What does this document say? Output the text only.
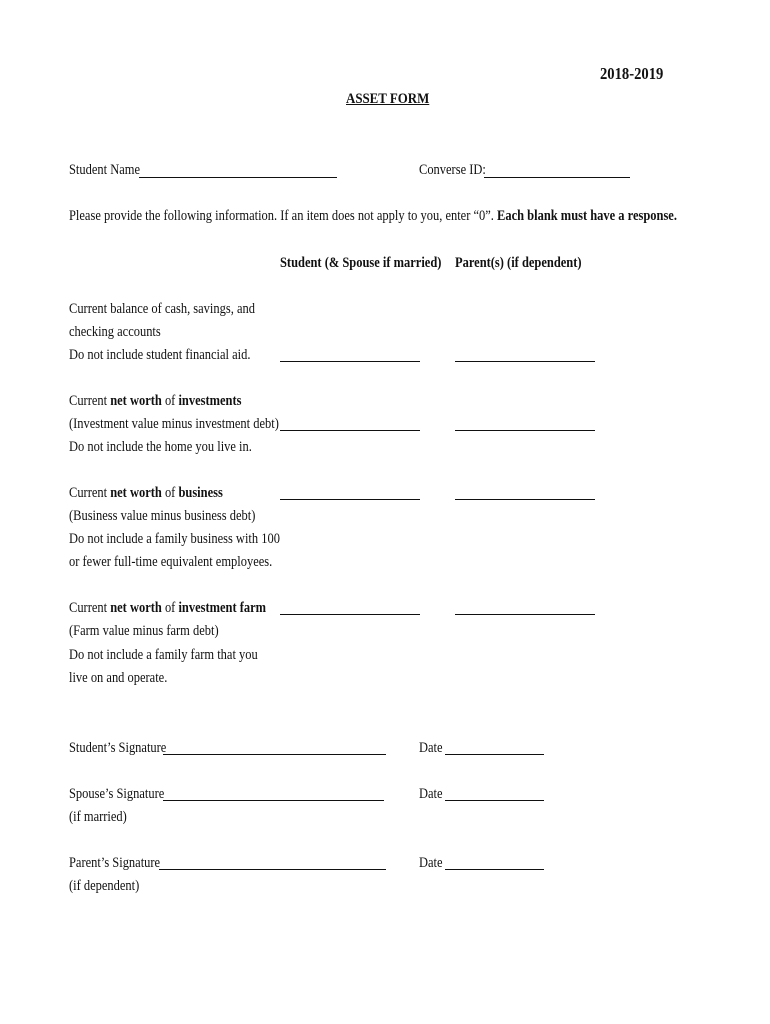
2018-2019
ASSET FORM
Student Name	Converse ID:
Please provide the following information. If an item does not apply to you, enter “0”. Each blank must have a response.
Student (& Spouse if married) Parent(s) (if dependent)
Current balance of cash, savings, and
checking accounts
Do not include student financial aid.
Current net worth of investments
(Investment value minus investment debt)
Do not include the home you live in.
Current net worth of business
(Business value minus business debt)
Do not include a family business with 100
or fewer full-time equivalent employees.
Current net worth of investment farm
(Farm value minus farm debt)
Do not include a family farm that you
live on and operate.
Student’s Signature	Date
Spouse’s Signature
(if married)
Date
Parent’s Signature
(if dependent)
Date
